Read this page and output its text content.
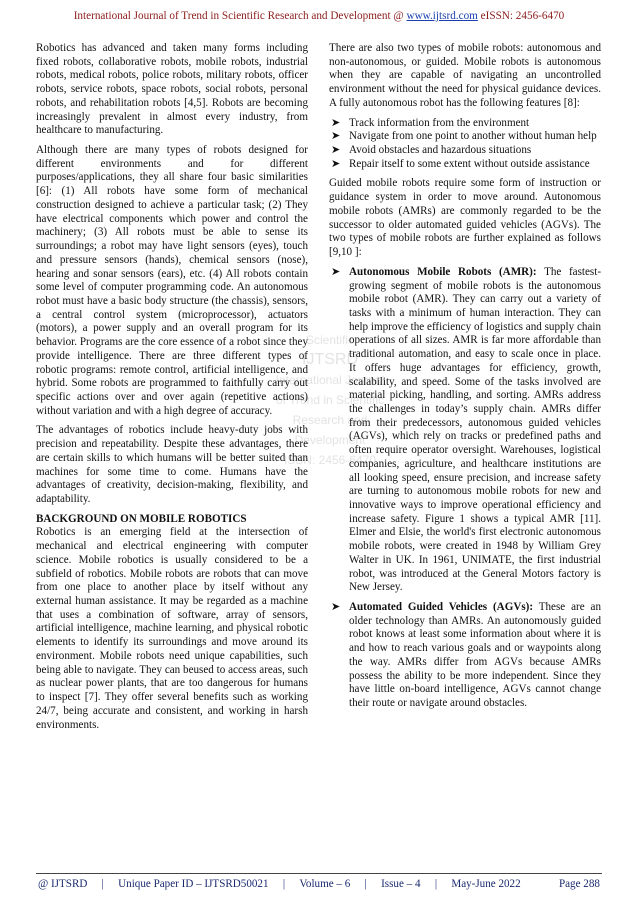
International Journal of Trend in Scientific Research and Development @ www.ijtsrd.com eISSN: 2456-6470
Scientific
IJTSRD
International Journal
of Trend in Scientific
Research and
Development
ISSN: 2456-6470

Robotics has advanced and taken many forms including fixed robots, collaborative robots, mobile robots, industrial robots, medical robots, police robots, military robots, officer robots, service robots, space robots, social robots, personal robots, and rehabilitation robots [4,5]. Robots are becoming increasingly prevalent in almost every industry, from healthcare to manufacturing.

Although there are many types of robots designed for different environments and for different purposes/applications, they all share four basic similarities [6]: (1) All robots have some form of mechanical construction designed to achieve a particular task; (2) They have electrical components which power and control the machinery; (3) All robots must be able to sense its surroundings; a robot may have light sensors (eyes), touch and pressure sensors (hands), chemical sensors (nose), hearing and sonar sensors (ears), etc. (4) All robots contain some level of computer programming code. An autonomous robot must have a basic body structure (the chassis), sensors, a central control system (microprocessor), actuators (motors), a power supply and an overall program for its behavior. Programs are the core essence of a robot since they provide intelligence. There are three different types of robotic programs: remote control, artificial intelligence, and hybrid. Some robots are programmed to faithfully carry out specific actions over and over again (repetitive actions) without variation and with a high degree of accuracy.

The advantages of robotics include heavy-duty jobs with precision and repeatability. Despite these advantages, there are certain skills to which humans will be better suited than machines for some time to come. Humans have the advantages of creativity, decision-making, flexibility, and adaptability.

BACKGROUND ON MOBILE ROBOTICS

Robotics is an emerging field at the intersection of mechanical and electrical engineering with computer science. Mobile robotics is usually considered to be a subfield of robotics. Mobile robots are robots that can move from one place to another place by itself without any external human assistance. It may be regarded as a machine that uses a combination of software, array of sensors, artificial intelligence, machine learning, and physical robotic elements to identify its surroundings and move around its environment. Mobile robots need unique capabilities, such being able to navigate. They can beused to access areas, such as nuclear power plants, that are too dangerous for humans to inspect [7]. They offer several benefits such as working 24/7, being accurate and consistent, and working in harsh environments.

There are also two types of mobile robots: autonomous and non-autonomous, or guided. Mobile robots is autonomous when they are capable of navigating an uncontrolled environment without the need for physical guidance devices. A fully autonomous robot has the following features [8]:

➤ Track information from the environment
➤ Navigate from one point to another without human help
➤ Avoid obstacles and hazardous situations
➤ Repair itself to some extent without outside assistance

Guided mobile robots require some form of instruction or guidance system in order to move around. Autonomous mobile robots (AMRs) are commonly regarded to be the successor to older automated guided vehicles (AGVs). The two types of mobile robots are further explained as follows [9,10 ]:

➤ Autonomous Mobile Robots (AMR): The fastest-growing segment of mobile robots is the autonomous mobile robot (AMR). They can carry out a variety of tasks with a minimum of human interaction. They can help improve the efficiency of logistics and supply chain operations of all sizes. AMR is far more affordable than traditional automation, and easy to scale once in place. It offers huge advantages for efficiency, growth, scalability, and speed. Some of the tasks involved are material picking, handling, and sorting. AMRs address the challenges in today’s supply chain. AMRs differ from their predecessors, autonomous guided vehicles (AGVs), which rely on tracks or predefined paths and often require operator oversight. Warehouses, logistical companies, agriculture, and healthcare institutions are all looking speed, ensure precision, and increase safety are turning to autonomous mobile robots for new and innovative ways to improve operational efficiency and increase safety. Figure 1 shows a typical AMR [11]. Elmer and Elsie, the world's first electronic autonomous mobile robots, were created in 1948 by William Grey Walter in UK. In 1961, UNIMATE, the first industrial robot, was introduced at the General Motors factory is New Jersey.
➤ Automated Guided Vehicles (AGVs): These are an older technology than AMRs. An autonomously guided robot knows at least some information about where it is and how to reach various goals and or waypoints along the way. AMRs differ from AGVs because AMRs possess the ability to be more independent. Since they have little on-board intelligence, AGVs cannot change their route or navigate around obstacles.
@ IJTSRD	|	Unique Paper ID – IJTSRD50021	|	Volume – 6	|	Issue – 4	|	May-June 2022	Page 288
